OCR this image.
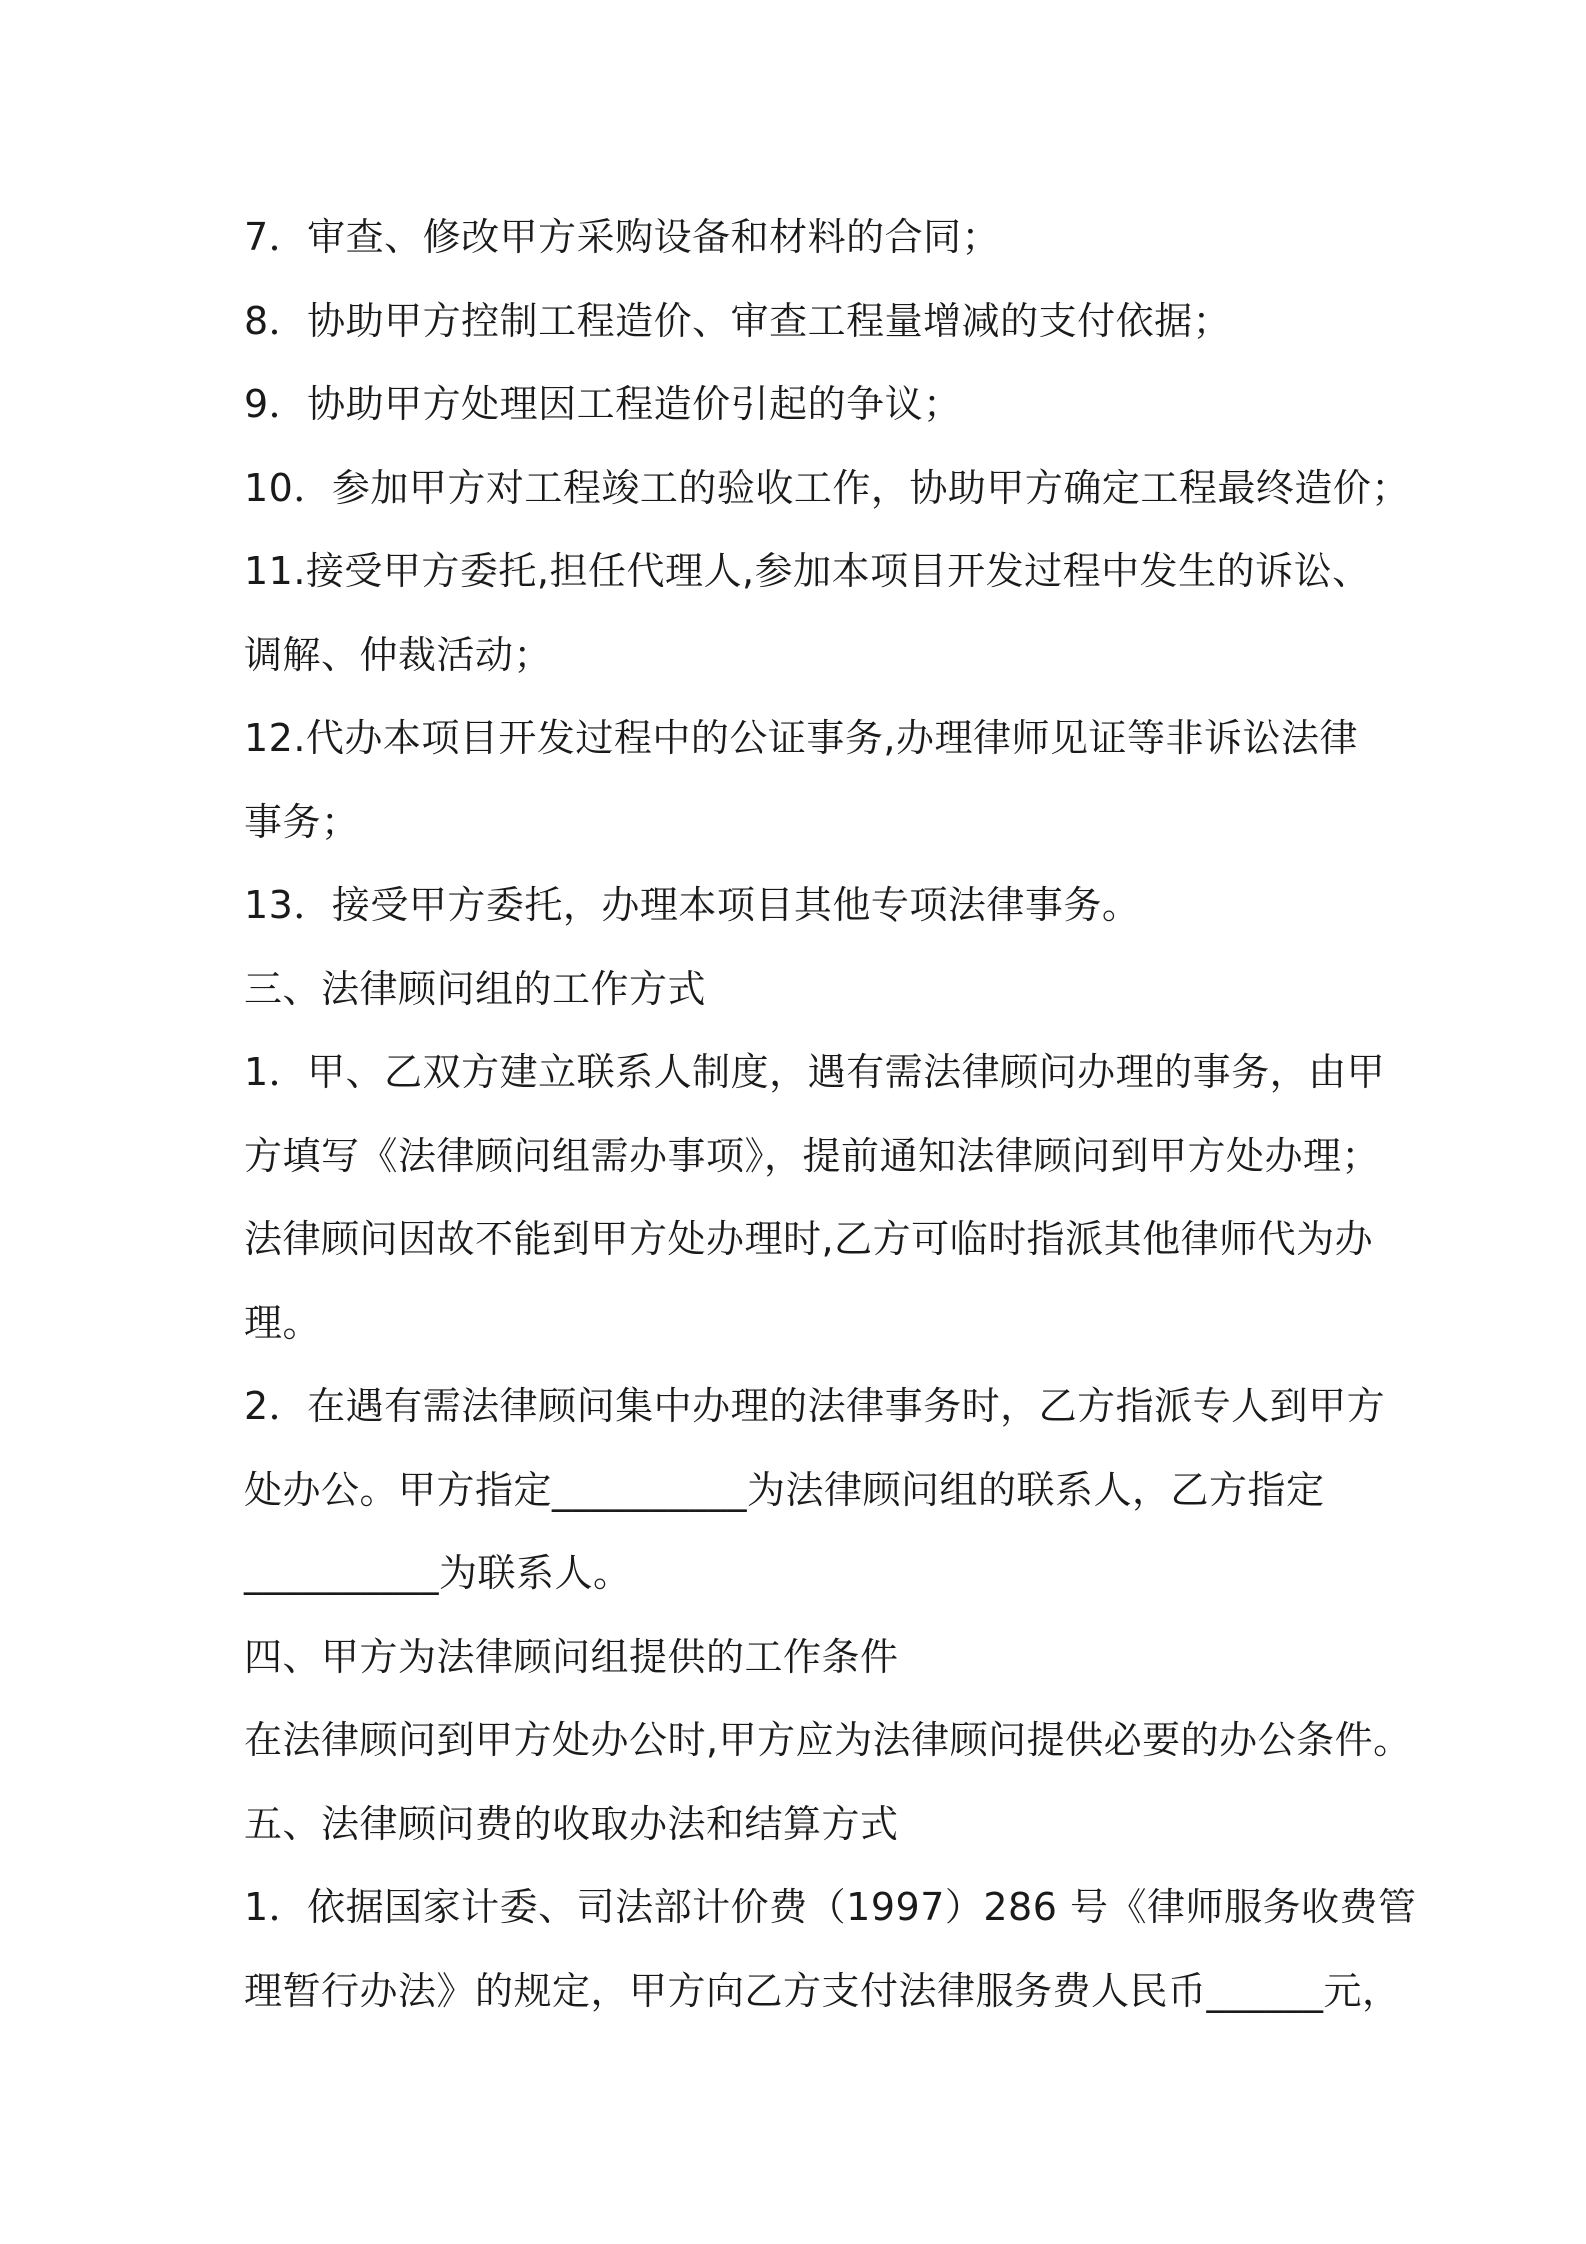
7．审查、修改甲方采购设备和材料的合同；
8．协助甲方控制工程造价、审查工程量增减的支付依据；
9．协助甲方处理因工程造价引起的争议；
10．参加甲方对工程竣工的验收工作，协助甲方确定工程最终造价；
11.接受甲方委托,担任代理人,参加本项目开发过程中发生的诉讼、
调解、仲裁活动；
12.代办本项目开发过程中的公证事务,办理律师见证等非诉讼法律
事务；
13．接受甲方委托，办理本项目其他专项法律事务。
三、法律顾问组的工作方式
1．甲、乙双方建立联系人制度，遇有需法律顾问办理的事务，由甲
方填写《法律顾问组需办事项》，提前通知法律顾问到甲方处办理；
法律顾问因故不能到甲方处办理时,乙方可临时指派其他律师代为办
理。
2．在遇有需法律顾问集中办理的法律事务时，乙方指派专人到甲方
处办公。甲方指定__________为法律顾问组的联系人，乙方指定
__________为联系人。
四、甲方为法律顾问组提供的工作条件
在法律顾问到甲方处办公时,甲方应为法律顾问提供必要的办公条件。
五、法律顾问费的收取办法和结算方式
1．依据国家计委、司法部计价费（1997）286 号《律师服务收费管
理暂行办法》的规定，甲方向乙方支付法律服务费人民币______元，
